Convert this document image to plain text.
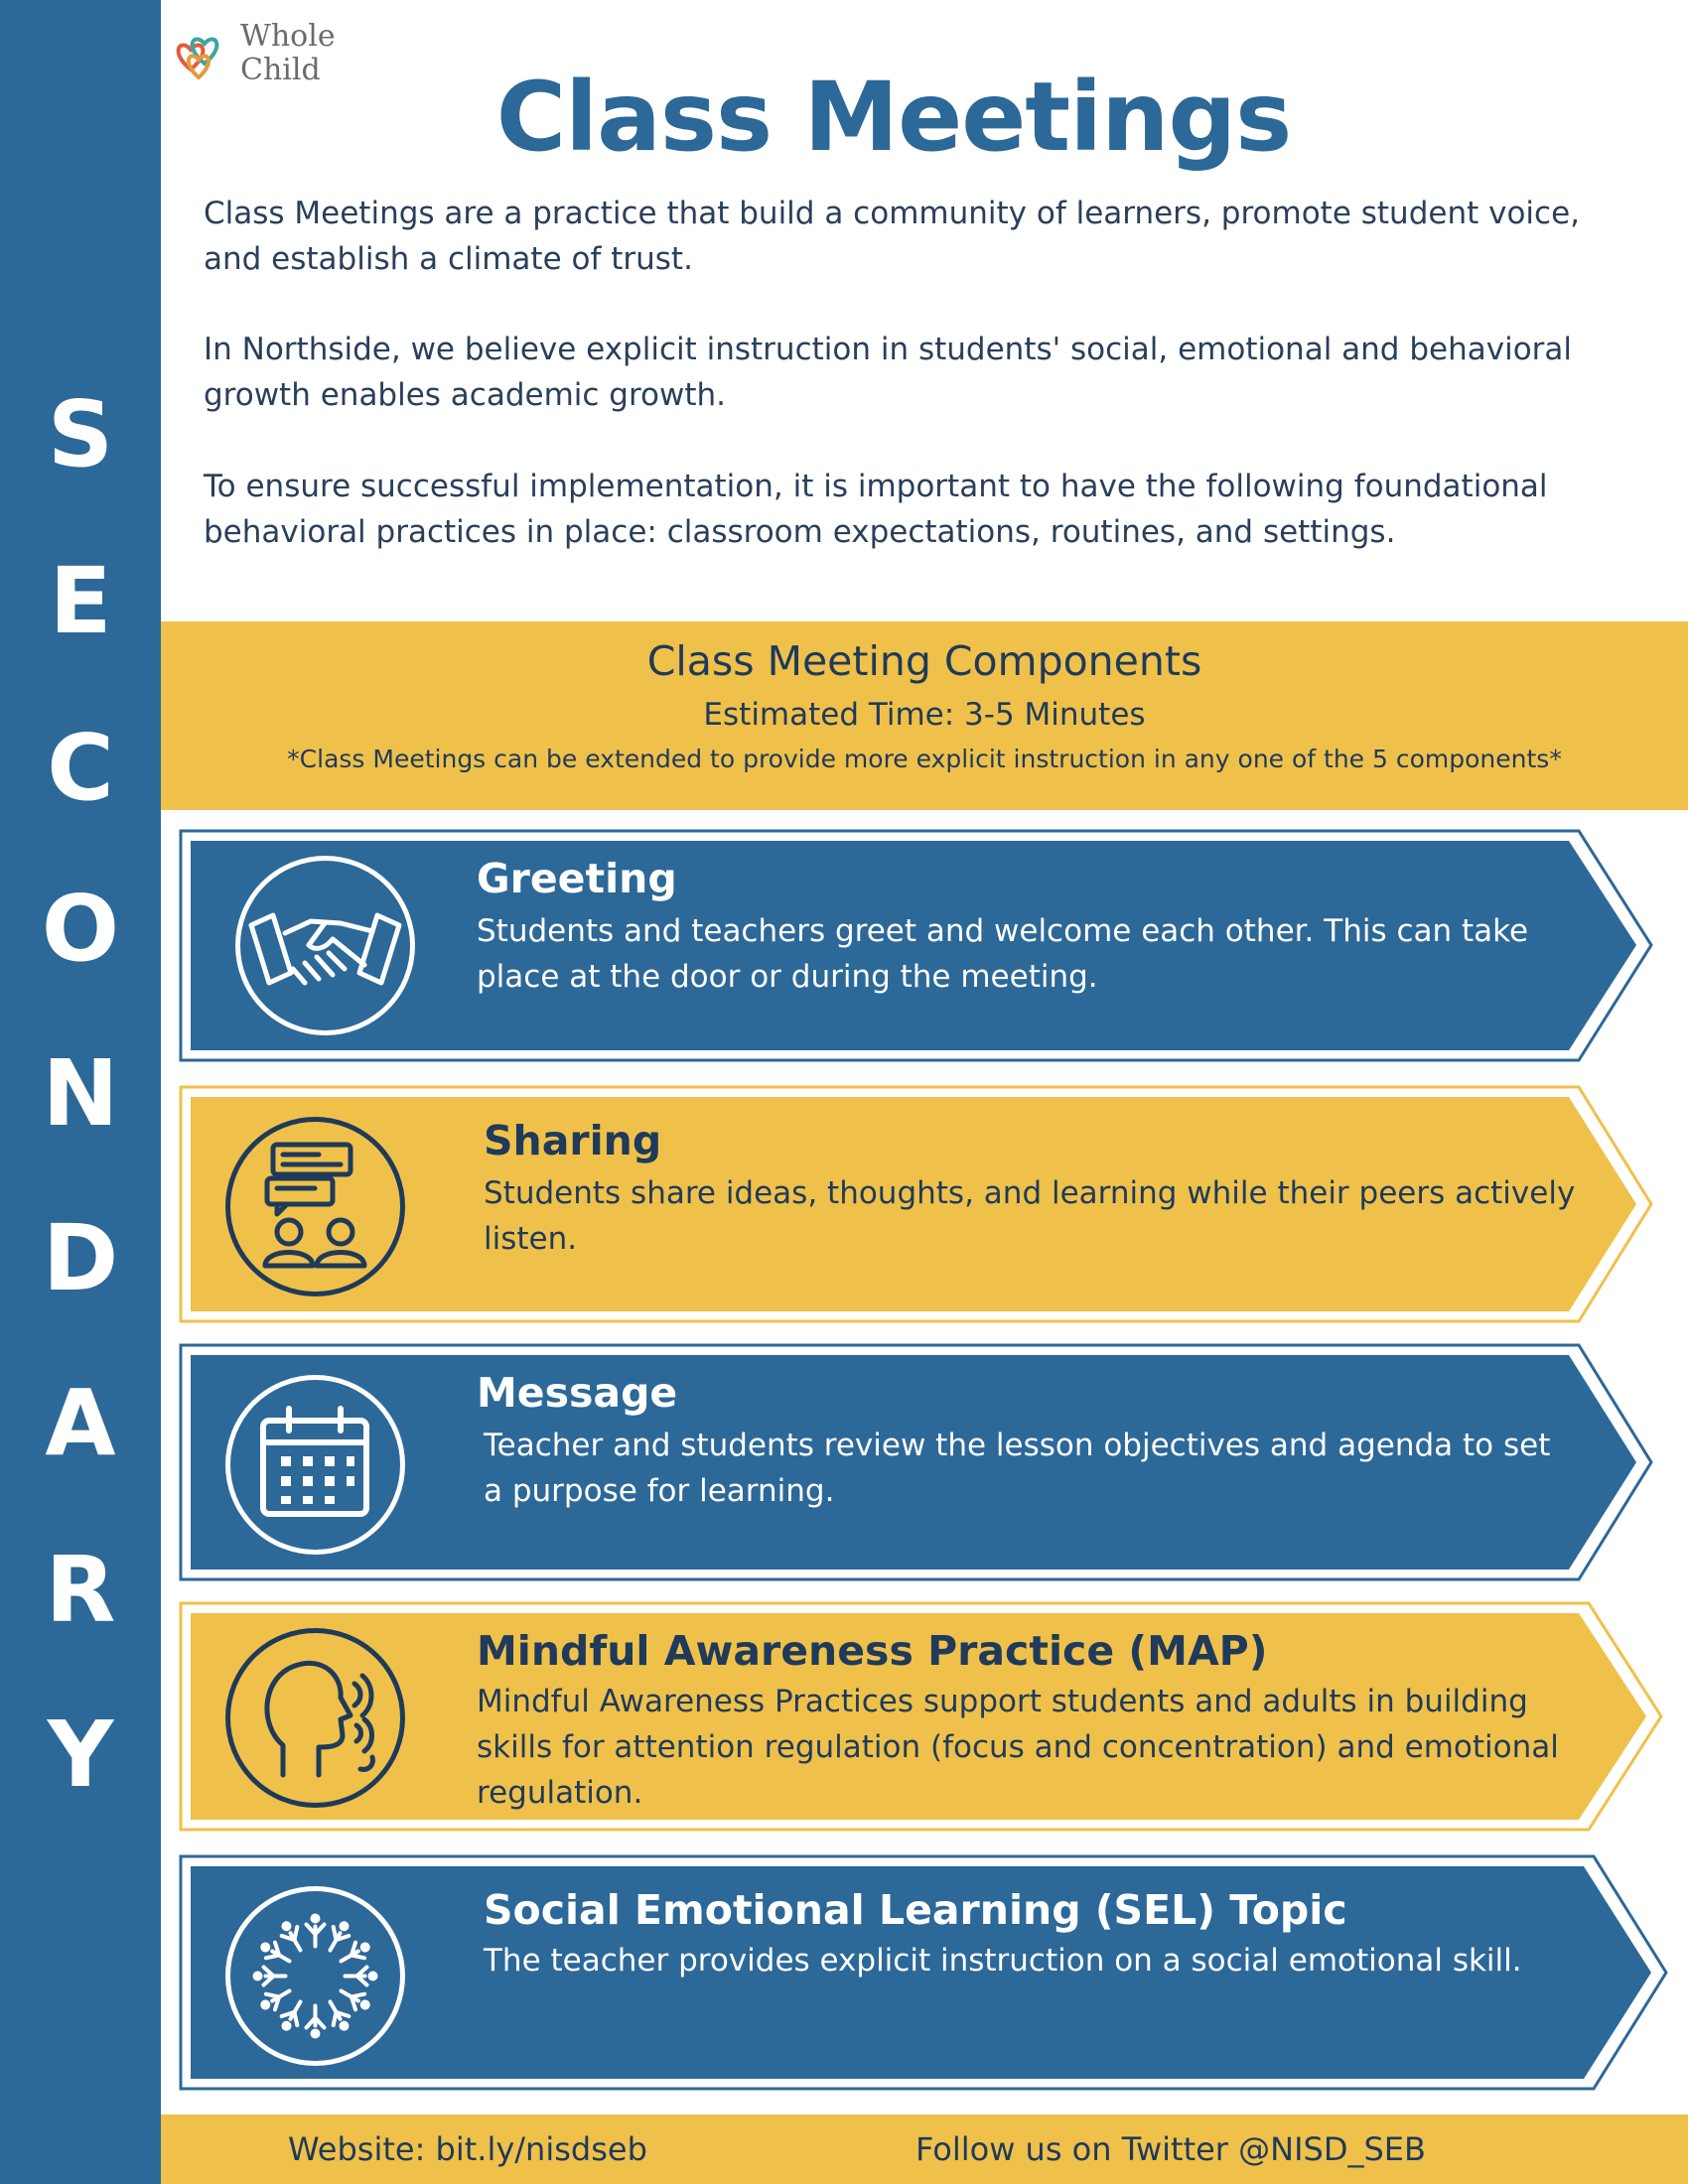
S
E
C
O
N
D
A
R
Y
Whole
Child	Class Meetings

Class Meetings are a practice that build a community of learners, promote student voice, and establish a climate of trust.

In Northside, we believe explicit instruction in students' social, emotional and behavioral growth enables academic growth.

To ensure successful implementation, it is important to have the following foundational behavioral practices in place: classroom expectations, routines, and settings.

Class Meeting Components
Estimated Time: 3-5 Minutes
*Class Meetings can be extended to provide more explicit instruction in any one of the 5 components*
Greeting

Students and teachers greet and welcome each other. This can take place at the door or during the meeting.

Sharing

Students share ideas, thoughts, and learning while their peers actively listen.

Message

Teacher and students review the lesson objectives and agenda to set a purpose for learning.

Mindful Awareness Practice (MAP)

Mindful Awareness Practices support students and adults in building skills for attention regulation (focus and concentration) and emotional regulation.

Social Emotional Learning (SEL) Topic

The teacher provides explicit instruction on a social emotional skill.

Website: bit.ly/nisdseb	Follow us on Twitter @NISD_SEB
